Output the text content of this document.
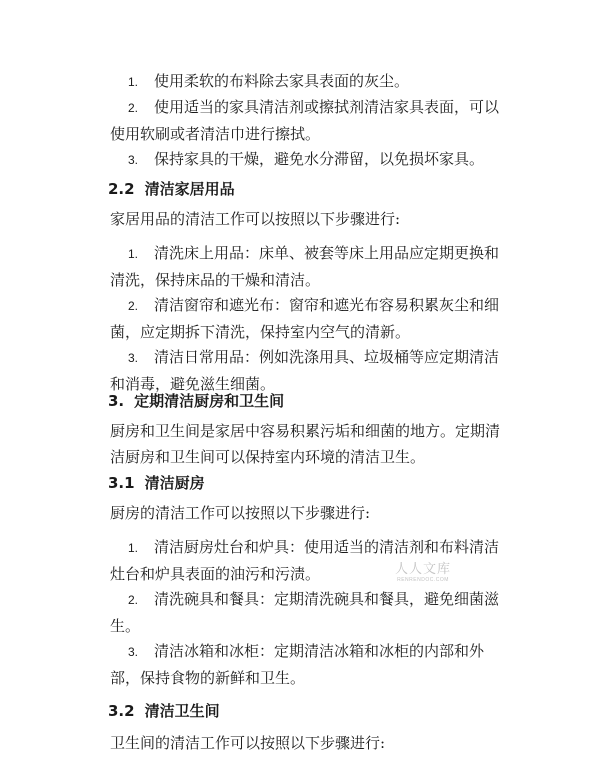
1. 使用柔软的布料除去家具表面的灰尘。

2. 使用适当的家具清洁剂或擦拭剂清洁家具表面，可以使用软刷或者清洁巾进行擦拭。

3. 保持家具的干燥，避免水分滞留，以免损坏家具。

2.2 清洁家居用品

家居用品的清洁工作可以按照以下步骤进行:

1. 清洗床上用品：床单、被套等床上用品应定期更换和清洗，保持床品的干燥和清洁。

2. 清洁窗帘和遮光布：窗帘和遮光布容易积累灰尘和细菌，应定期拆下清洗，保持室内空气的清新。

3. 清洁日常用品：例如洗涤用具、垃圾桶等应定期清洁和消毒，避免滋生细菌。

3. 定期清洁厨房和卫生间

厨房和卫生间是家居中容易积累污垢和细菌的地方。定期清洁厨房和卫生间可以保持室内环境的清洁卫生。

3.1 清洁厨房

厨房的清洁工作可以按照以下步骤进行:

1. 清洁厨房灶台和炉具：使用适当的清洁剂和布料清洁灶台和炉具表面的油污和污渍。

2. 清洗碗具和餐具：定期清洗碗具和餐具，避免细菌滋生。

3. 清洁冰箱和冰柜：定期清洁冰箱和冰柜的内部和外部，保持食物的新鲜和卫生。

3.2 清洁卫生间

卫生间的清洁工作可以按照以下步骤进行:

人人文库
RENRENDOC.COM
